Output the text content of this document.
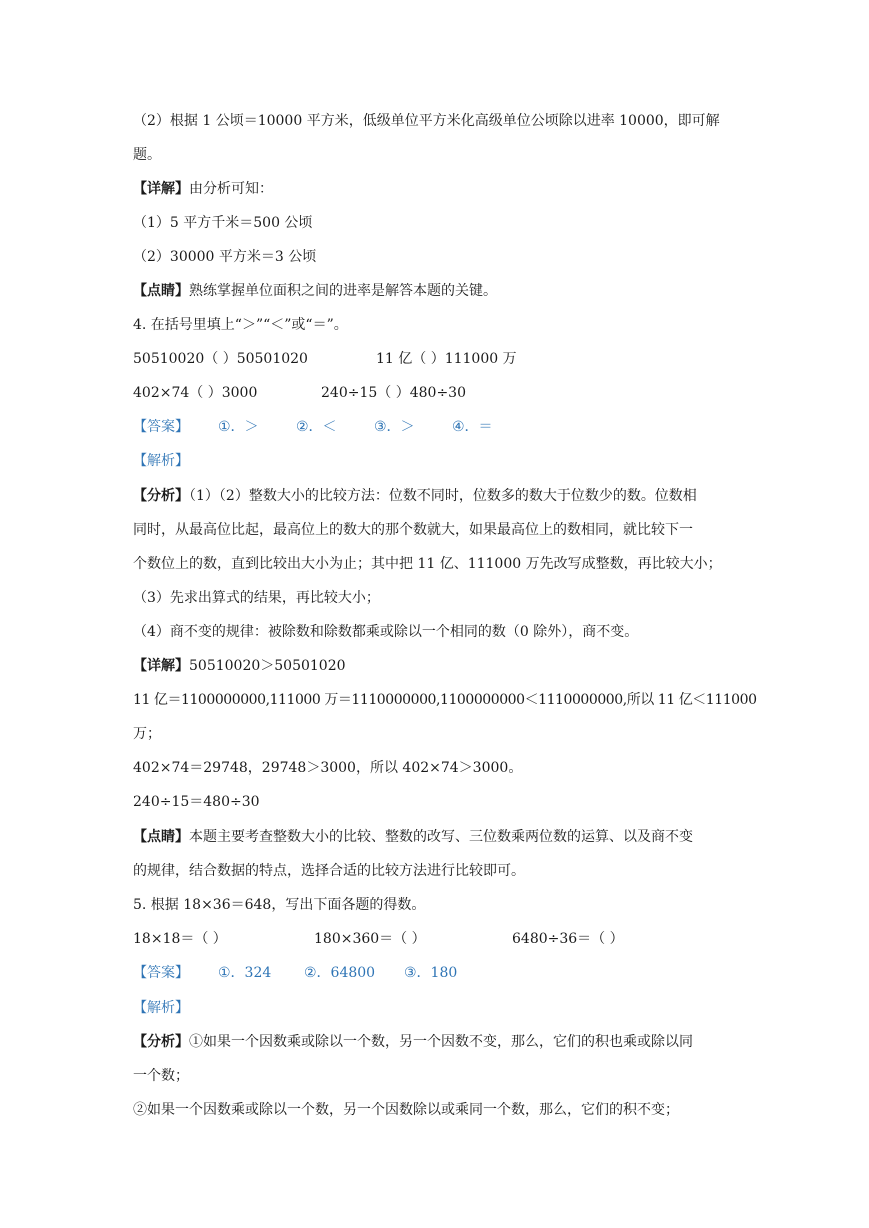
（2）根据 1 公顷＝10000 平方米，低级单位平方米化高级单位公顷除以进率 10000，即可解
题。
【详解】由分析可知：
（1）5 平方千米＝500 公顷
（2）30000 平方米＝3 公顷
【点睛】熟练掌握单位面积之间的进率是解答本题的关键。
4. 在括号里填上“＞”“＜”或“＝”。
50510020（ ）50501020	11 亿（ ）111000 万
402×74（ ）3000	240÷15（ ）480÷30
【答案】 ①．＞	②．＜	③．＞	④．＝
【解析】
【分析】（1）（2）整数大小的比较方法：位数不同时，位数多的数大于位数少的数。位数相
同时，从最高位比起，最高位上的数大的那个数就大，如果最高位上的数相同，就比较下一
个数位上的数，直到比较出大小为止；其中把 11 亿、111000 万先改写成整数，再比较大小；
（3）先求出算式的结果，再比较大小；
（4）商不变的规律：被除数和除数都乘或除以一个相同的数（0 除外），商不变。
【详解】50510020＞50501020
11 亿＝1100000000,111000 万＝1110000000,1100000000＜1110000000,所以 11 亿＜111000
万；
402×74＝29748，29748＞3000，所以 402×74＞3000。
240÷15＝480÷30
【点睛】本题主要考查整数大小的比较、整数的改写、三位数乘两位数的运算、以及商不变
的规律，结合数据的特点，选择合适的比较方法进行比较即可。
5. 根据 18×36＝648，写出下面各题的得数。
18×18＝（ ）	180×360＝（ ）	6480÷36＝（ ）
【答案】 ①．324 ②．64800 ③．180
【解析】
【分析】①如果一个因数乘或除以一个数，另一个因数不变，那么，它们的积也乘或除以同
一个数；
②如果一个因数乘或除以一个数，另一个因数除以或乘同一个数，那么，它们的积不变；
